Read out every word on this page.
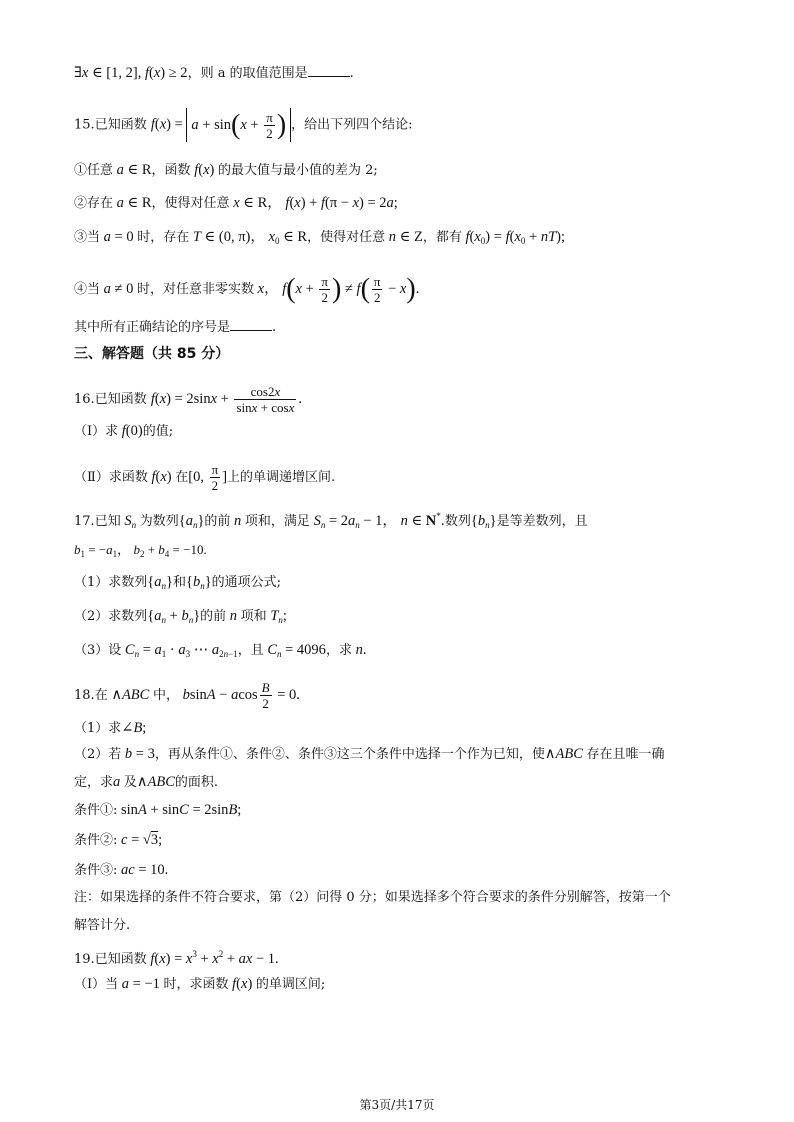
∃x ∈ [1, 2], f(x) ≥ 2，则 a 的取值范围是	.
15.已知函数 $f(x) = a + \sin(x + \frac{\pi}{2}$ ) ，给出下列四个结论:
①任意 a ∈ R，函数 f(x) 的最大值与最小值的差为 2;
②存在 a ∈ R，使得对任意 x ∈ R， f(x) + f(π − x) = 2a;
③当 a = 0 时，存在 T ∈ (0, π)， $x_0$ ∈ R，使得对任意 n ∈ Z，都有 $f(x_0) = f(x_0 + nT)$;
④当 a ≠ 0 时，对任意非零实数 x， $f(x + \frac{\pi}{2}$ ) ≠ $f( \frac{\pi}{2} - x)$.
其中所有正确结论的序号是	.
三、解答题（共 85 分）
16.已知函数 $f(x) = 2\sin x + \frac{\cos 2x}{\sin x + \cos x}$ .
（Ⅰ）求 f(0)的值;
（Ⅱ）求函数 f(x) 在[0, $\frac{\pi}{2}$ ]上的单调递增区间.
17.已知 $S_n$ 为数列$\{a_n\}$的前 n 项和，满足 $S_n = 2a_n - 1$， n ∈ N*.数列$\{b_n\}$是等差数列，且
$b_1 = -a_1$， $b_2 + b_4 = -10$.
（1）求数列$\{a_n\}$和$\{b_n\}$的通项公式;
（2）求数列$\{a_n + b_n\}$的前 n 项和 $T_n$;
（3）设 $C_n = a_1 \cdot a_3$ ⋯ $a_{2n-1}$，且 $C_n = 4096$，求 n.
18.在 ∧ABC 中， bsinA − acos $\frac{B}{2} = 0$.
（1）求∠B;
（2）若 b = 3，再从条件①、条件②、条件③这三个条件中选择一个作为已知，使∧ABC 存在且唯一确
定，求a 及∧ABC的面积.
条件①: sinA + sinC = 2sinB;
条件②: c = √3;
条件③: ac = 10.
注：如果选择的条件不符合要求，第（2）问得 0 分；如果选择多个符合要求的条件分别解答，按第一个
解答计分.
19.已知函数 $f(x) = x^3 + x^2$ + ax − 1.
（Ⅰ）当 a = −1 时，求函数 f(x) 的单调区间;
第3页/共17页
